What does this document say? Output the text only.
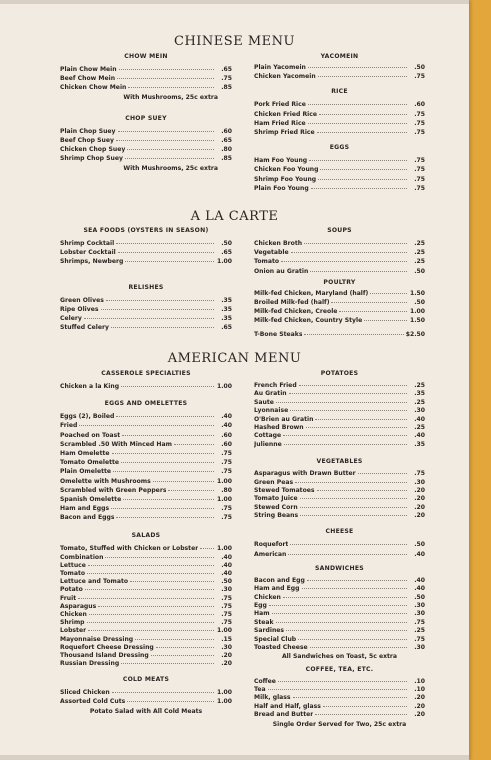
CHINESE MENU
CHOW MEIN
Plain Chow Mein	.65
Beef Chow Mein	.75
Chicken Chow Mein	.85
With Mushrooms, 25c extra
CHOP SUEY
Plain Chop Suey	.60
Beef Chop Suey	.65
Chicken Chop Suey	.80
Shrimp Chop Suey	.85
With Mushrooms, 25c extra
YACOMEIN
Plain Yacomein	.50
Chicken Yacomein	.75
RICE
Pork Fried Rice	.60
Chicken Fried Rice	.75
Ham Fried Rice	.75
Shrimp Fried Rice	.75
EGGS
Ham Foo Young	.75
Chicken Foo Young	.75
Shrimp Foo Young	.75
Plain Foo Young	.75
A LA CARTE
SEA FOODS (OYSTERS IN SEASON)
Shrimp Cocktail	.50
Lobster Cocktail	.65
Shrimps, Newberg	1.00
RELISHES
Green Olives	.35
Ripe Olives	.35
Celery	.35
Stuffed Celery	.65
SOUPS
Chicken Broth	.25
Vegetable	.25
Tomato	.25
Onion au Gratin	.50
POULTRY
Milk-fed Chicken, Maryland (half)	1.50
Broiled Milk-fed (half)	.50
Milk-fed Chicken, Creole	1.00
Milk-fed Chicken, Country Style	1.50
T-Bone Steaks	$2.50
AMERICAN MENU
CASSEROLE SPECIALTIES
Chicken a la King	1.00
EGGS AND OMELETTES
Eggs (2), Boiled	.40
Fried	.40
Poached on Toast	.60
Scrambled .50 With Minced Ham	.60
Ham Omelette	.75
Tomato Omelette	.75
Plain Omelette	.75
Omelette with Mushrooms	1.00
Scrambled with Green Peppers	.80
Spanish Omelette	1.00
Ham and Eggs	.75
Bacon and Eggs	.75
SALADS
Tomato, Stuffed with Chicken or Lobster	1.00
Combination	.40
Lettuce	.40
Tomato	.40
Lettuce and Tomato	.50
Potato	.30
Fruit	.75
Asparagus	.75
Chicken	.75
Shrimp	.75
Lobster	1.00
Mayonnaise Dressing	.15
Roquefort Cheese Dressing	.30
Thousand Island Dressing	.20
Russian Dressing	.20
COLD MEATS
Sliced Chicken	1.00
Assorted Cold Cuts	1.00
Potato Salad with All Cold Meats
POTATOES
French Fried	.25
Au Gratin	.35
Saute	.25
Lyonnaise	.30
O'Brien au Gratin	.40
Hashed Brown	.25
Cottage	.40
Julienne	.35
VEGETABLES
Asparagus with Drawn Butter	.75
Green Peas	.30
Stewed Tomatoes	.20
Tomato Juice	.20
Stewed Corn	.20
String Beans	.20
CHEESE
Roquefort	.50
American	.40
SANDWICHES
Bacon and Egg	.40
Ham and Egg	.40
Chicken	.50
Egg	.30
Ham	.30
Steak	.75
Sardines	.25
Special Club	.75
Toasted Cheese	.30
All Sandwiches on Toast, 5c extra
COFFEE, TEA, ETC.
Coffee	.10
Tea	.10
Milk, glass	.20
Half and Half, glass	.20
Bread and Butter	.20
Single Order Served for Two, 25c extra
